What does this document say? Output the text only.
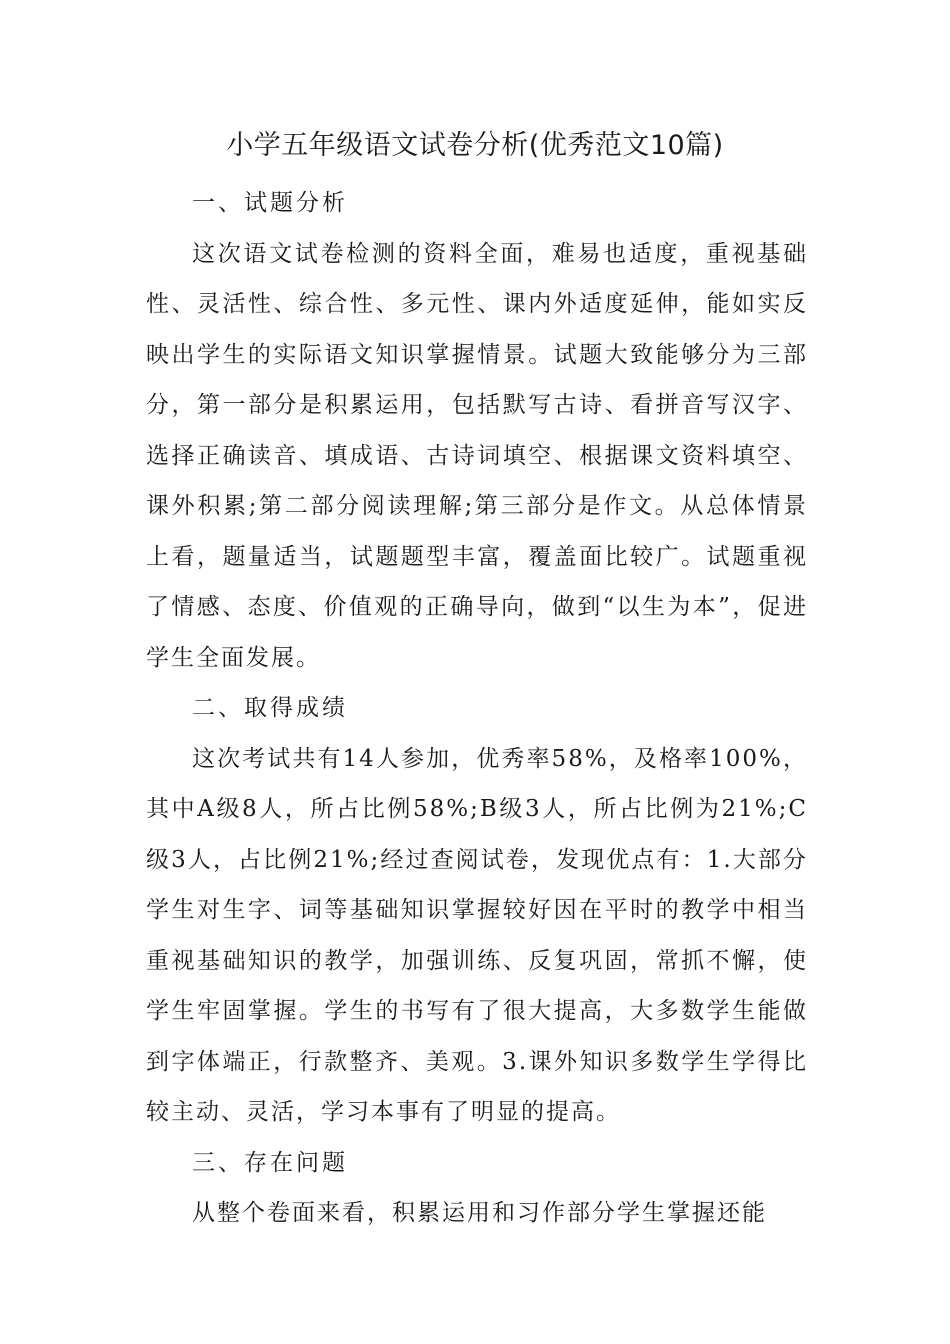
小学五年级语文试卷分析(优秀范文10篇)

一、试题分析

这次语文试卷检测的资料全面，难易也适度，重视基础性、灵活性、综合性、多元性、课内外适度延伸，能如实反映出学生的实际语文知识掌握情景。试题大致能够分为三部分，第一部分是积累运用，包括默写古诗、看拼音写汉字、选择正确读音、填成语、古诗词填空、根据课文资料填空、课外积累;第二部分阅读理解;第三部分是作文。从总体情景上看，题量适当，试题题型丰富，覆盖面比较广。试题重视了情感、态度、价值观的正确导向，做到“以生为本”，促进学生全面发展。

二、取得成绩

这次考试共有14人参加，优秀率58%，及格率100%，其中A级8人，所占比例58%;B级3人，所占比例为21%;C级3人，占比例21%;经过查阅试卷，发现优点有：1.大部分学生对生字、词等基础知识掌握较好因在平时的教学中相当重视基础知识的教学，加强训练、反复巩固，常抓不懈，使学生牢固掌握。学生的书写有了很大提高，大多数学生能做到字体端正，行款整齐、美观。3.课外知识多数学生学得比较主动、灵活，学习本事有了明显的提高。

三、存在问题

从整个卷面来看，积累运用和习作部分学生掌握还能
